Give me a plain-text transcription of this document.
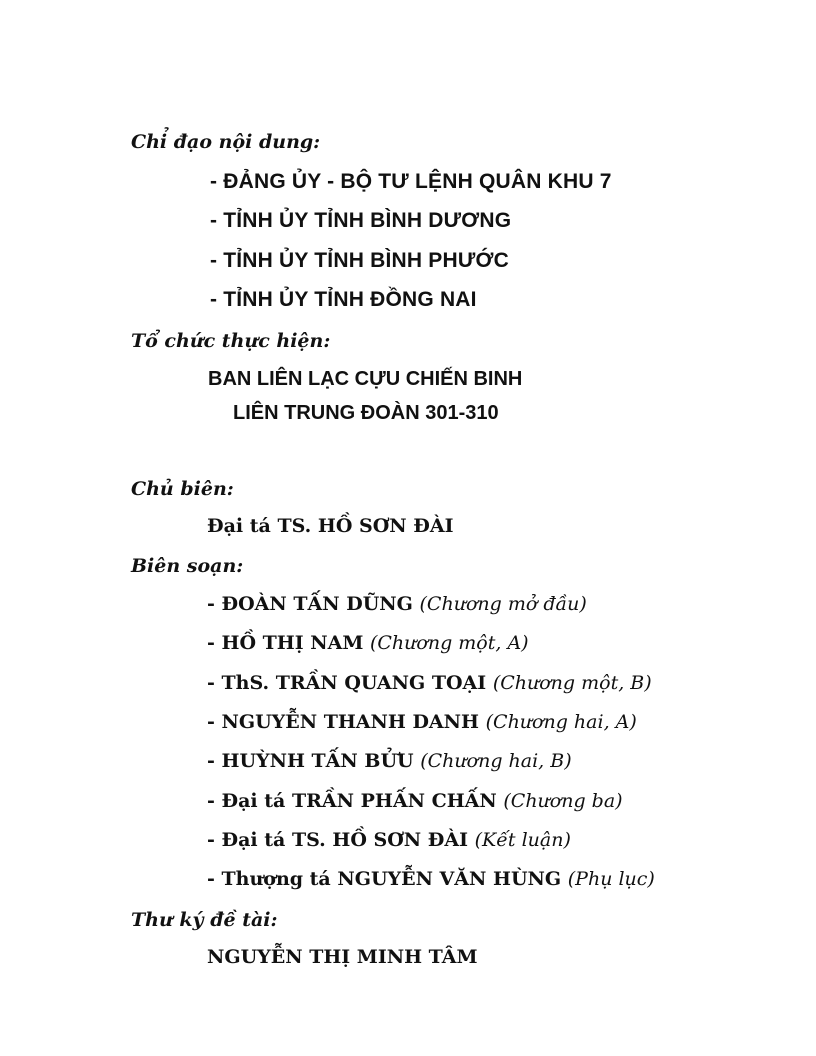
Chỉ đạo nội dung:
- ĐẢNG ỦY - BỘ TƯ LỆNH QUÂN KHU 7
- TỈNH ỦY TỈNH BÌNH DƯƠNG
- TỈNH ỦY TỈNH BÌNH PHƯỚC
- TỈNH ỦY TỈNH ĐỒNG NAI
Tổ chức thực hiện:
BAN LIÊN LẠC CỰU CHIẾN BINH
LIÊN TRUNG ĐOÀN 301-310
Chủ biên:
Đại tá TS. HỒ SƠN ĐÀI
Biên soạn:
- ĐOÀN TẤN DŨNG (Chương mở đầu)
- HỒ THỊ NAM (Chương một, A)
- ThS. TRẦN QUANG TOẠI (Chương một, B)
- NGUYỄN THANH DANH (Chương hai, A)
- HUỲNH TẤN BỬU (Chương hai, B)
- Đại tá TRẦN PHẤN CHẤN (Chương ba)
- Đại tá TS. HỒ SƠN ĐÀI (Kết luận)
- Thượng tá NGUYỄN VĂN HÙNG (Phụ lục)
Thư ký đề tài:
NGUYỄN THỊ MINH TÂM
